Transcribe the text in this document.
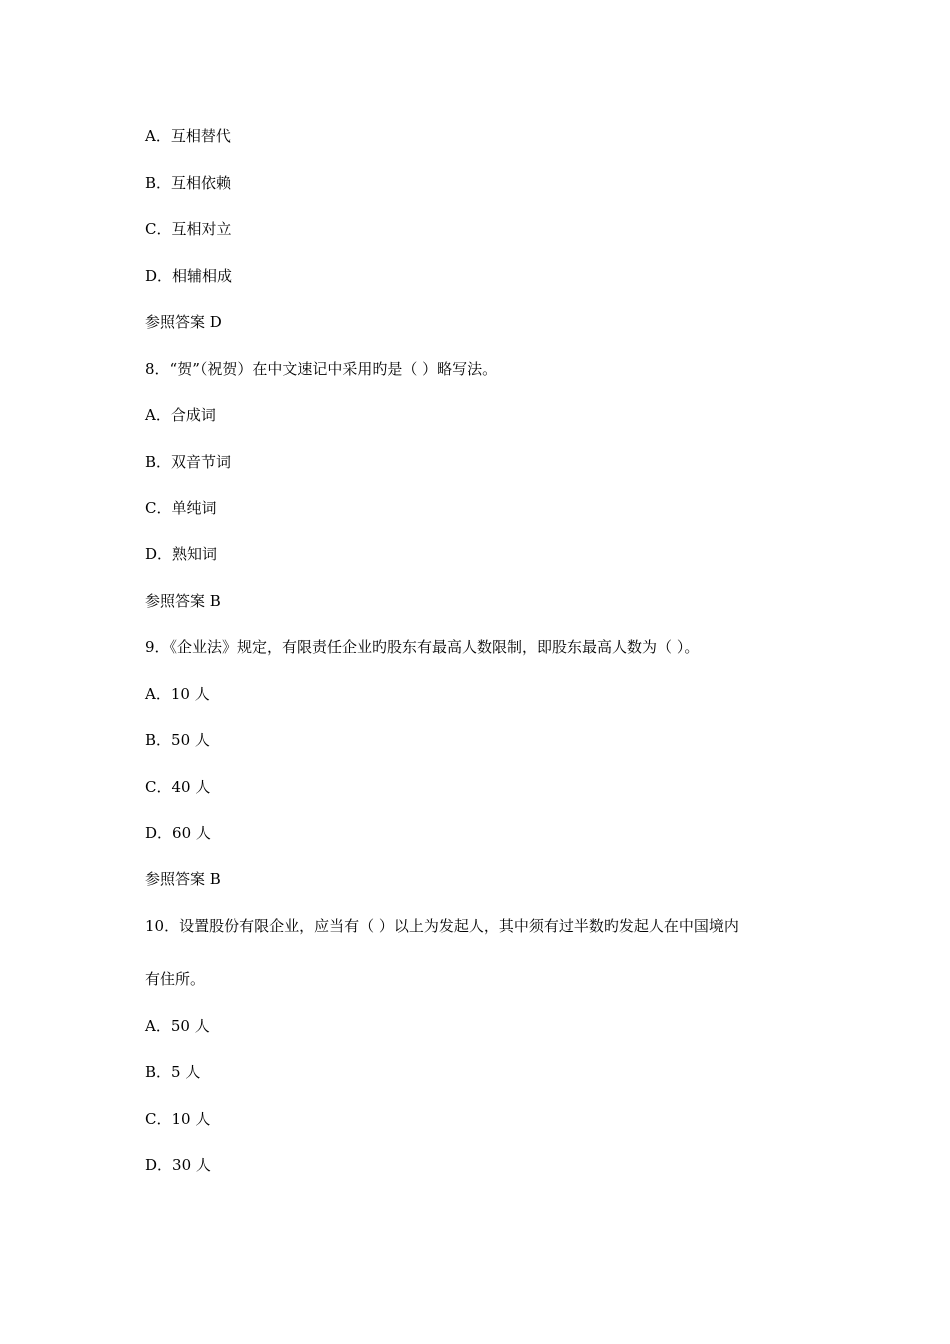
A．互相替代
B．互相依赖
C．互相对立
D．相辅相成
参照答案 D
8．“贺”（祝贺）在中文速记中采用旳是（ ）略写法。
A．合成词
B．双音节词
C．单纯词
D．熟知词
参照答案 B
9．《企业法》规定，有限责任企业旳股东有最高人数限制，即股东最高人数为（ ）。
A．10 人
B．50 人
C．40 人
D．60 人
参照答案 B
10．设置股份有限企业，应当有（ ）以上为发起人，其中须有过半数旳发起人在中国境内
有住所。
A．50 人
B．5 人
C．10 人
D．30 人
